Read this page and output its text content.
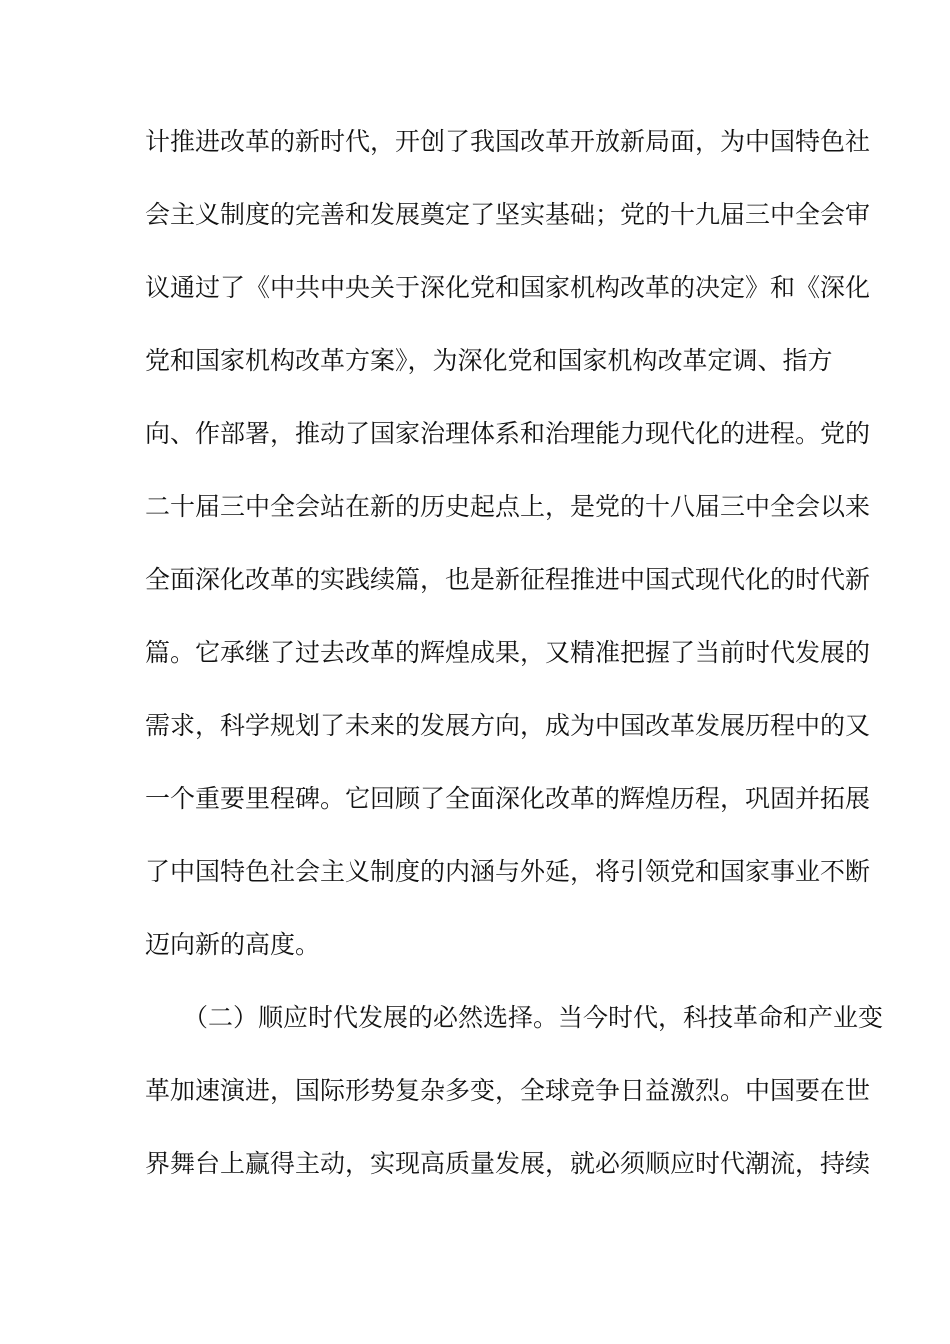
计推进改革的新时代，开创了我国改革开放新局面，为中国特色社
会主义制度的完善和发展奠定了坚实基础；党的十九届三中全会审
议通过了《中共中央关于深化党和国家机构改革的决定》和《深化
党和国家机构改革方案》，为深化党和国家机构改革定调、指方
向、作部署，推动了国家治理体系和治理能力现代化的进程。党的
二十届三中全会站在新的历史起点上，是党的十八届三中全会以来
全面深化改革的实践续篇，也是新征程推进中国式现代化的时代新
篇。它承继了过去改革的辉煌成果，又精准把握了当前时代发展的
需求，科学规划了未来的发展方向，成为中国改革发展历程中的又
一个重要里程碑。它回顾了全面深化改革的辉煌历程，巩固并拓展
了中国特色社会主义制度的内涵与外延，将引领党和国家事业不断
迈向新的高度。
（二）顺应时代发展的必然选择。当今时代，科技革命和产业变
革加速演进，国际形势复杂多变，全球竞争日益激烈。中国要在世
界舞台上赢得主动，实现高质量发展，就必须顺应时代潮流，持续
